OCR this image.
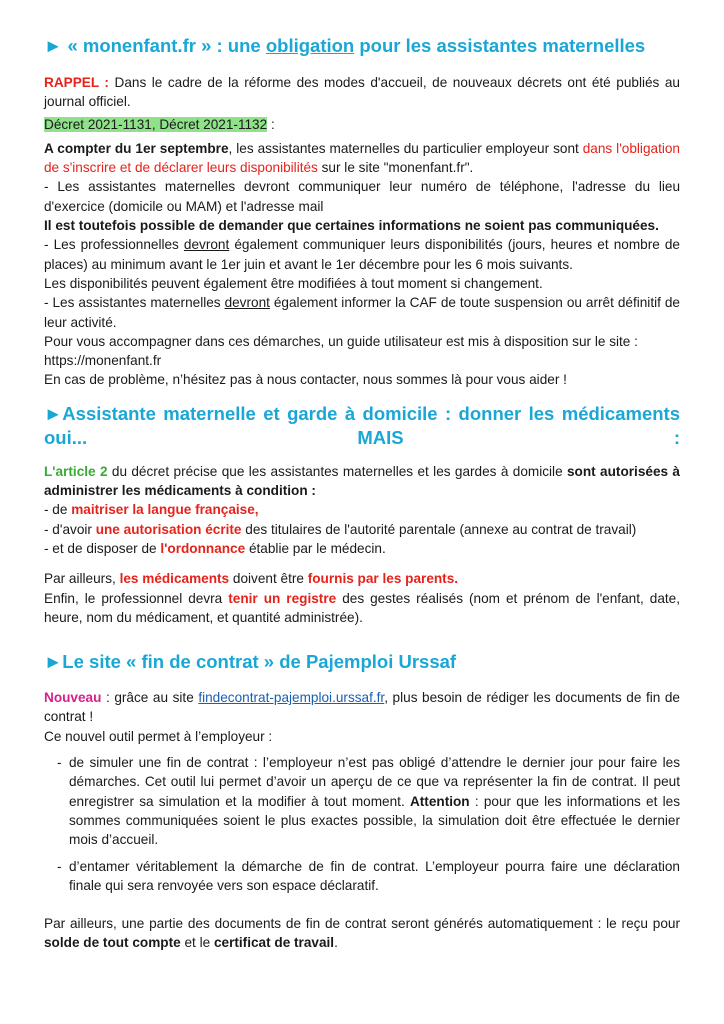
► « monenfant.fr » : une obligation pour les assistantes maternelles

RAPPEL : Dans le cadre de la réforme des modes d'accueil, de nouveaux décrets ont été publiés au journal officiel.

Décret 2021-1131, Décret 2021-1132 :

A compter du 1er septembre, les assistantes maternelles du particulier employeur sont dans l'obligation de s'inscrire et de déclarer leurs disponibilités sur le site "monenfant.fr".

- Les assistantes maternelles devront communiquer leur numéro de téléphone, l'adresse du lieu d'exercice (domicile ou MAM) et l'adresse mail

Il est toutefois possible de demander que certaines informations ne soient pas communiquées.

- Les professionnelles devront également communiquer leurs disponibilités (jours, heures et nombre de places) au minimum avant le 1er juin et avant le 1er décembre pour les 6 mois suivants.

Les disponibilités peuvent également être modifiées à tout moment si changement.

- Les assistantes maternelles devront également informer la CAF de toute suspension ou arrêt définitif de leur activité.

Pour vous accompagner dans ces démarches, un guide utilisateur est mis à disposition sur le site :

https://monenfant.fr

En cas de problème, n’hésitez pas à nous contacter, nous sommes là pour vous aider !

►Assistante maternelle et garde à domicile : donner les médicaments oui... MAIS :

L'article 2 du décret précise que les assistantes maternelles et les gardes à domicile sont autorisées à administrer les médicaments à condition :

- de maitriser la langue française,

- d'avoir une autorisation écrite des titulaires de l'autorité parentale (annexe au contrat de travail)

- et de disposer de l'ordonnance établie par le médecin.

Par ailleurs, les médicaments doivent être fournis par les parents.

Enfin, le professionnel devra tenir un registre des gestes réalisés (nom et prénom de l'enfant, date, heure, nom du médicament, et quantité administrée).

►Le site « fin de contrat » de Pajemploi Urssaf

Nouveau : grâce au site findecontrat-pajemploi.urssaf.fr, plus besoin de rédiger les documents de fin de contrat !

Ce nouvel outil permet à l’employeur :

- de simuler une fin de contrat : l’employeur n’est pas obligé d’attendre le dernier jour pour faire les démarches. Cet outil lui permet d’avoir un aperçu de ce que va représenter la fin de contrat. Il peut enregistrer sa simulation et la modifier à tout moment. Attention : pour que les informations et les sommes communiquées soient le plus exactes possible, la simulation doit être effectuée le dernier mois d’accueil.
- d’entamer véritablement la démarche de fin de contrat. L’employeur pourra faire une déclaration finale qui sera renvoyée vers son espace déclaratif.

Par ailleurs, une partie des documents de fin de contrat seront générés automatiquement : le reçu pour solde de tout compte et le certificat de travail.
